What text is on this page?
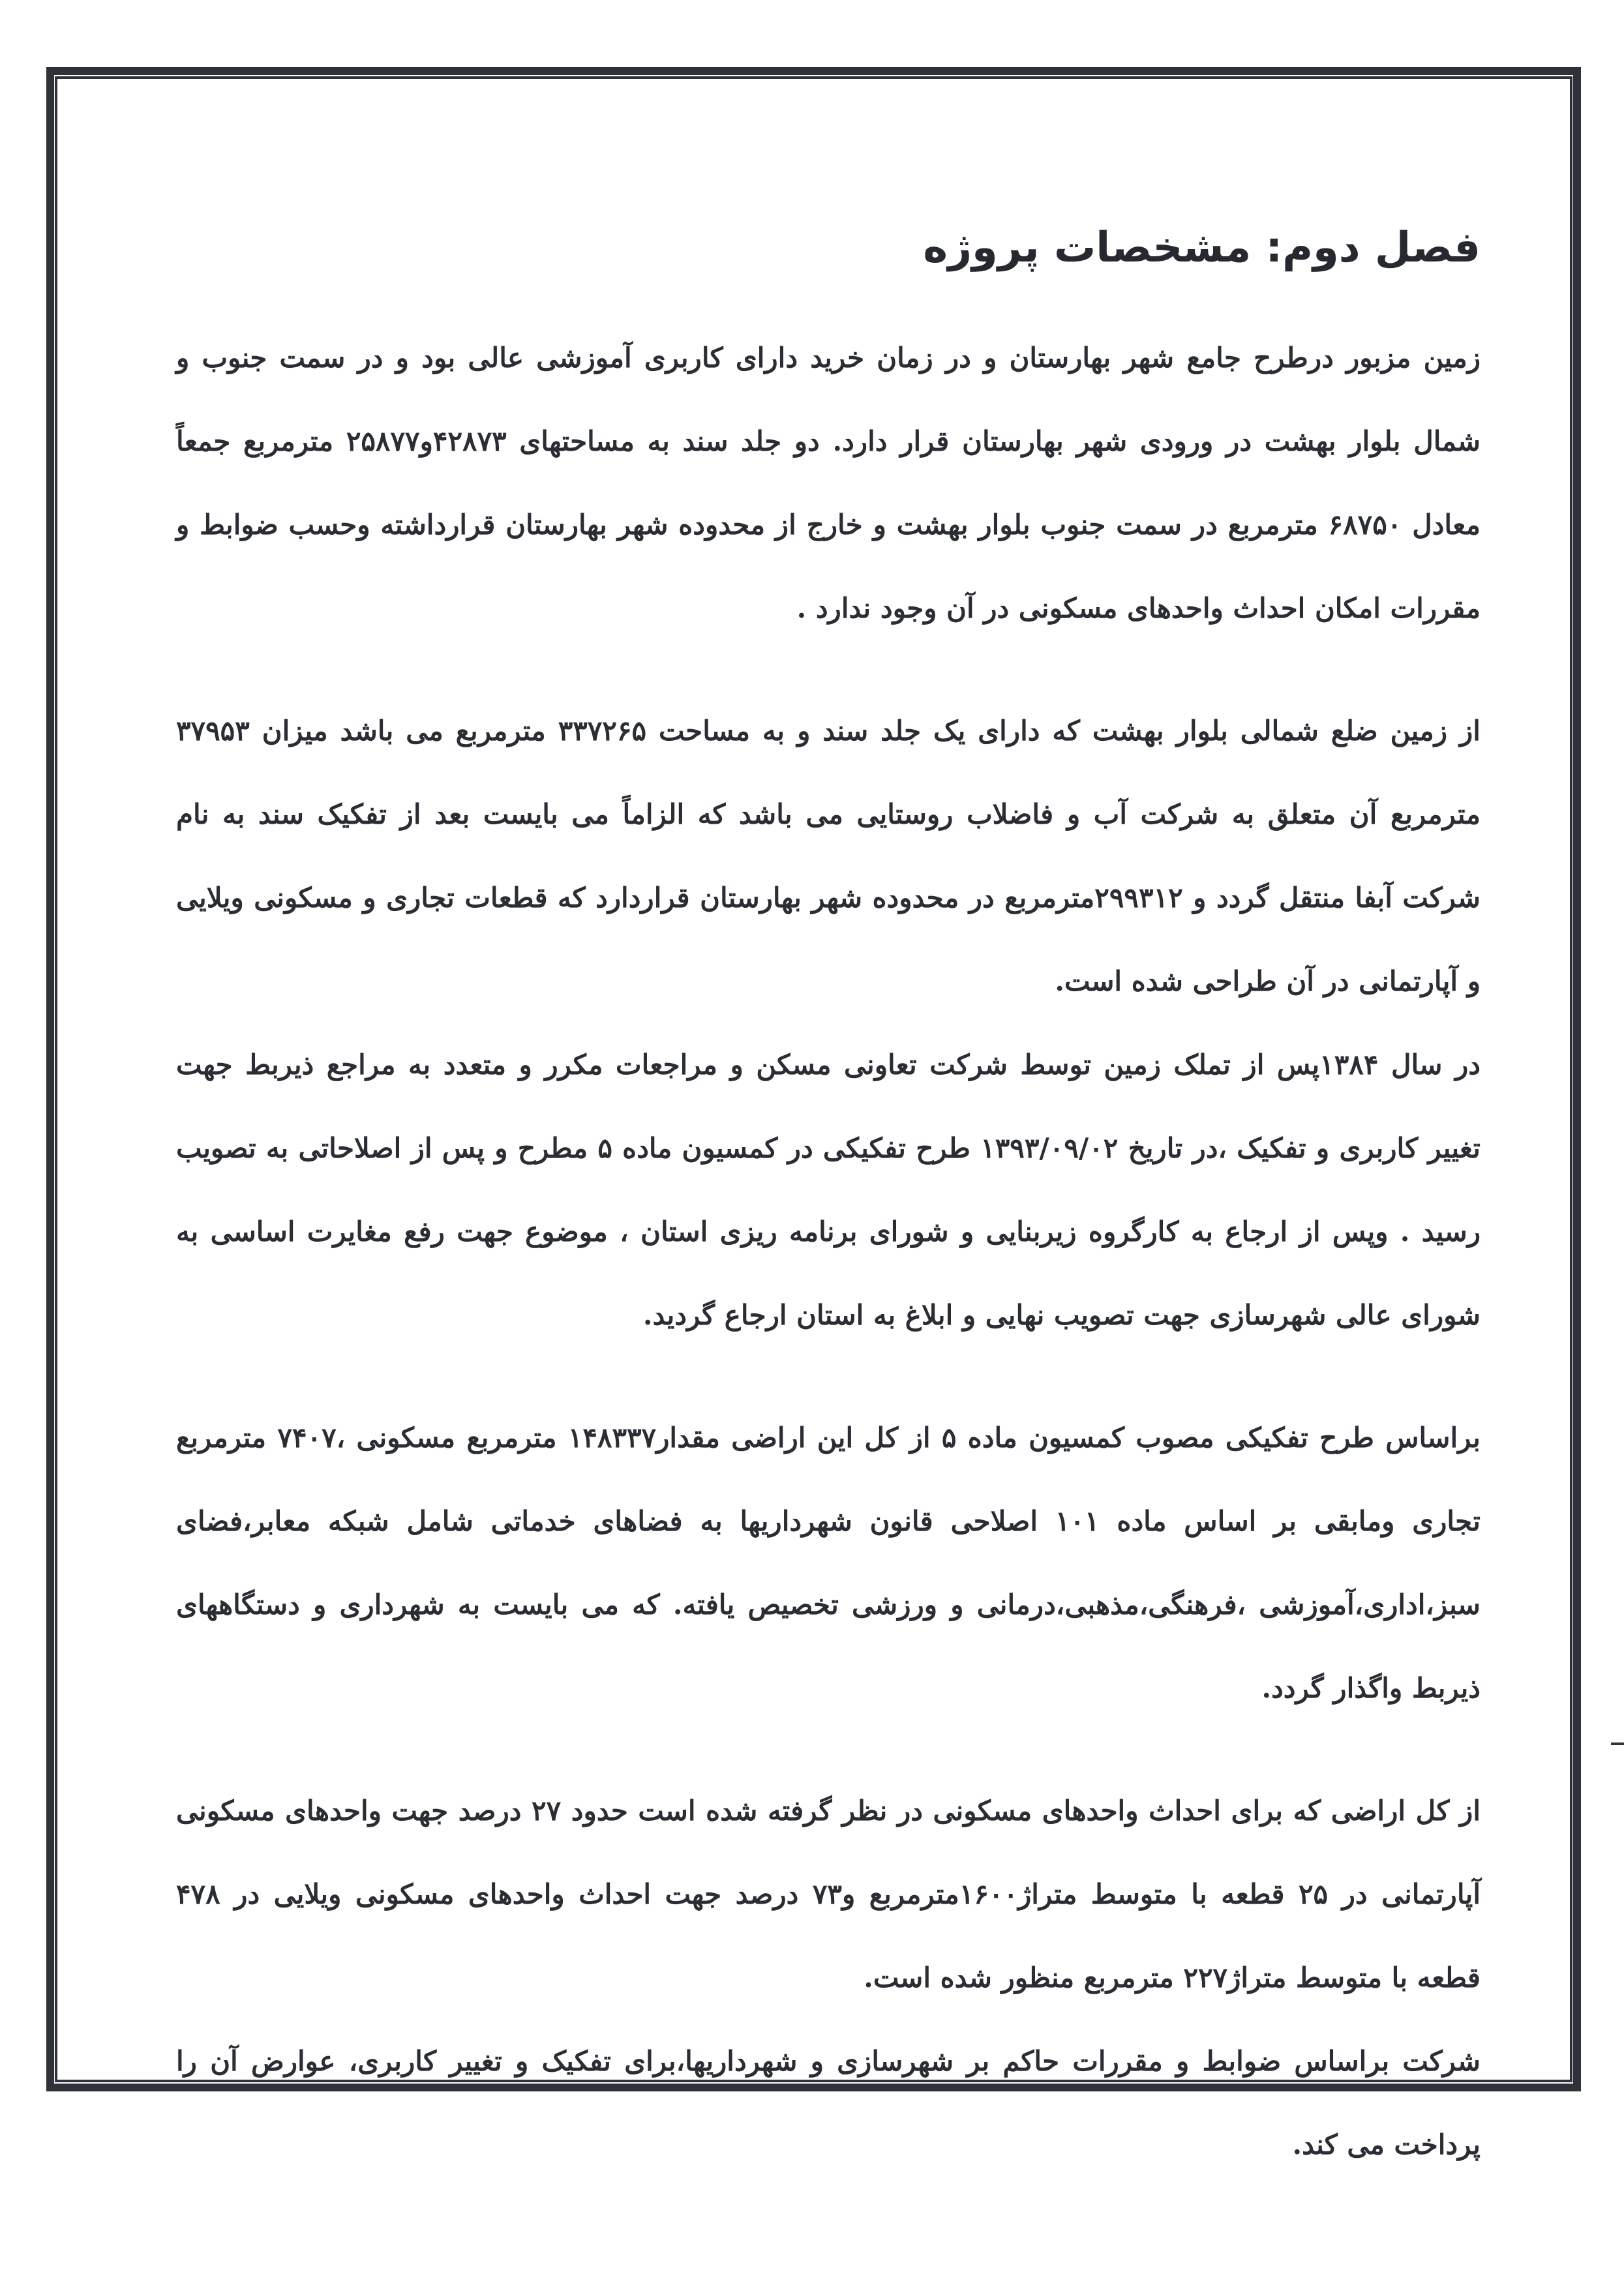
فصل دوم: مشخصات پروژه

زمین مزبور درطرح جامع شهر بهارستان و در زمان خرید دارای کاربری آموزشی عالی بود و در سمت جنوب و شمال بلوار بهشت در ورودی شهر بهارستان قرار دارد. دو جلد سند به مساحتهای ۴۲۸۷۳و۲۵۸۷۷ مترمربع جمعاً معادل ۶۸۷۵۰ مترمربع در سمت جنوب بلوار بهشت و خارج از محدوده شهر بهارستان قرارداشته وحسب ضوابط و مقررات امکان احداث واحدهای مسکونی در آن وجود ندارد .

از زمین ضلع شمالی بلوار بهشت که دارای یک جلد سند و به مساحت ۳۳۷۲۶۵ مترمربع می باشد میزان ۳۷۹۵۳ مترمربع آن متعلق به شرکت آب و فاضلاب روستایی می باشد که الزاماً می بایست بعد از تفکیک سند به نام شرکت آبفا منتقل گردد و ۲۹۹۳۱۲مترمربع در محدوده شهر بهارستان قراردارد که قطعات تجاری و مسکونی ویلایی و آپارتمانی در آن طراحی شده است.

در سال ۱۳۸۴پس از تملک زمین توسط شرکت تعاونی مسکن و مراجعات مکرر و متعدد به مراجع ذیربط جهت تغییر کاربری و تفکیک ،در تاریخ ۱۳۹۳/۰۹/۰۲ طرح تفکیکی در کمسیون ماده ۵ مطرح و پس از اصلاحاتی به تصویب رسید . وپس از ارجاع به کارگروه زیربنایی و شورای برنامه ریزی استان ، موضوع جهت رفع مغایرت اساسی به شورای عالی شهرسازی جهت تصویب نهایی و ابلاغ به استان ارجاع گردید.

براساس طرح تفکیکی مصوب کمسیون ماده ۵ از کل این اراضی مقدار۱۴۸۳۳۷ مترمربع مسکونی ،۷۴۰۷ مترمربع تجاری ومابقی بر اساس ماده ۱۰۱ اصلاحی قانون شهرداریها به فضاهای خدماتی شامل شبکه معابر،فضای سبز،اداری،آموزشی ،فرهنگی،مذهبی،درمانی و ورزشی تخصیص یافته. که می بایست به شهرداری و دستگاههای ذیربط واگذار گردد.

از کل اراضی که برای احداث واحدهای مسکونی در نظر گرفته شده است حدود ۲۷ درصد جهت واحدهای مسکونی آپارتمانی در ۲۵ قطعه با متوسط متراژ۱۶۰۰مترمربع و۷۳ درصد جهت احداث واحدهای مسکونی ویلایی در ۴۷۸ قطعه با متوسط متراژ۲۲۷ مترمربع منظور شده است.

شرکت براساس ضوابط و مقررات حاکم بر شهرسازی و شهرداریها،برای تفکیک و تغییر کاربری، عوارض آن را پرداخت می کند.
